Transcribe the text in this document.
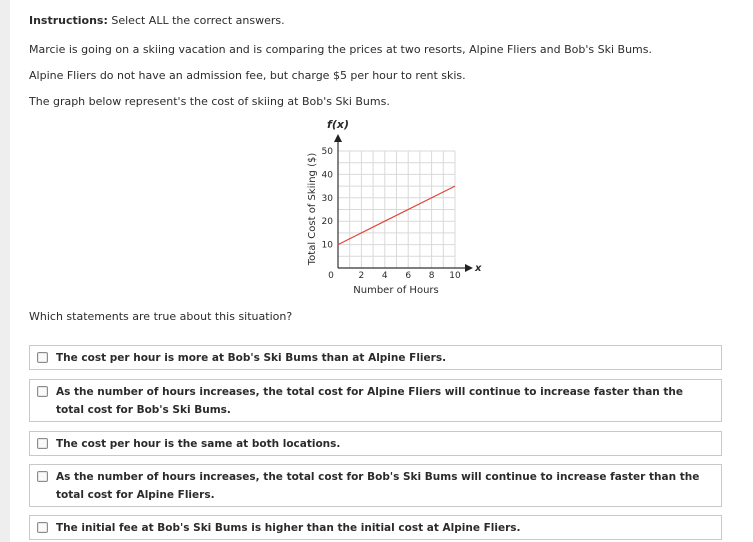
Instructions: Select ALL the correct answers.
Marcie is going on a skiing vacation and is comparing the prices at two resorts, Alpine Fliers and Bob's Ski Bums.
Alpine Fliers do not have an admission fee, but charge $5 per hour to rent skis.
The graph below represent's the cost of skiing at Bob's Ski Bums.
2 4 6 8 10
10
20
30
40
50
f(x)
Total Cost of Skiing ($)
Number of Hours
x
0
Which statements are true about this situation?
The cost per hour is more at Bob's Ski Bums than at Alpine Fliers.
As the number of hours increases, the total cost for Alpine Fliers will continue to increase faster than the total cost for Bob's Ski Bums.
The cost per hour is the same at both locations.
As the number of hours increases, the total cost for Bob's Ski Bums will continue to increase faster than the total cost for Alpine Fliers.
The initial fee at Bob's Ski Bums is higher than the initial cost at Alpine Fliers.
